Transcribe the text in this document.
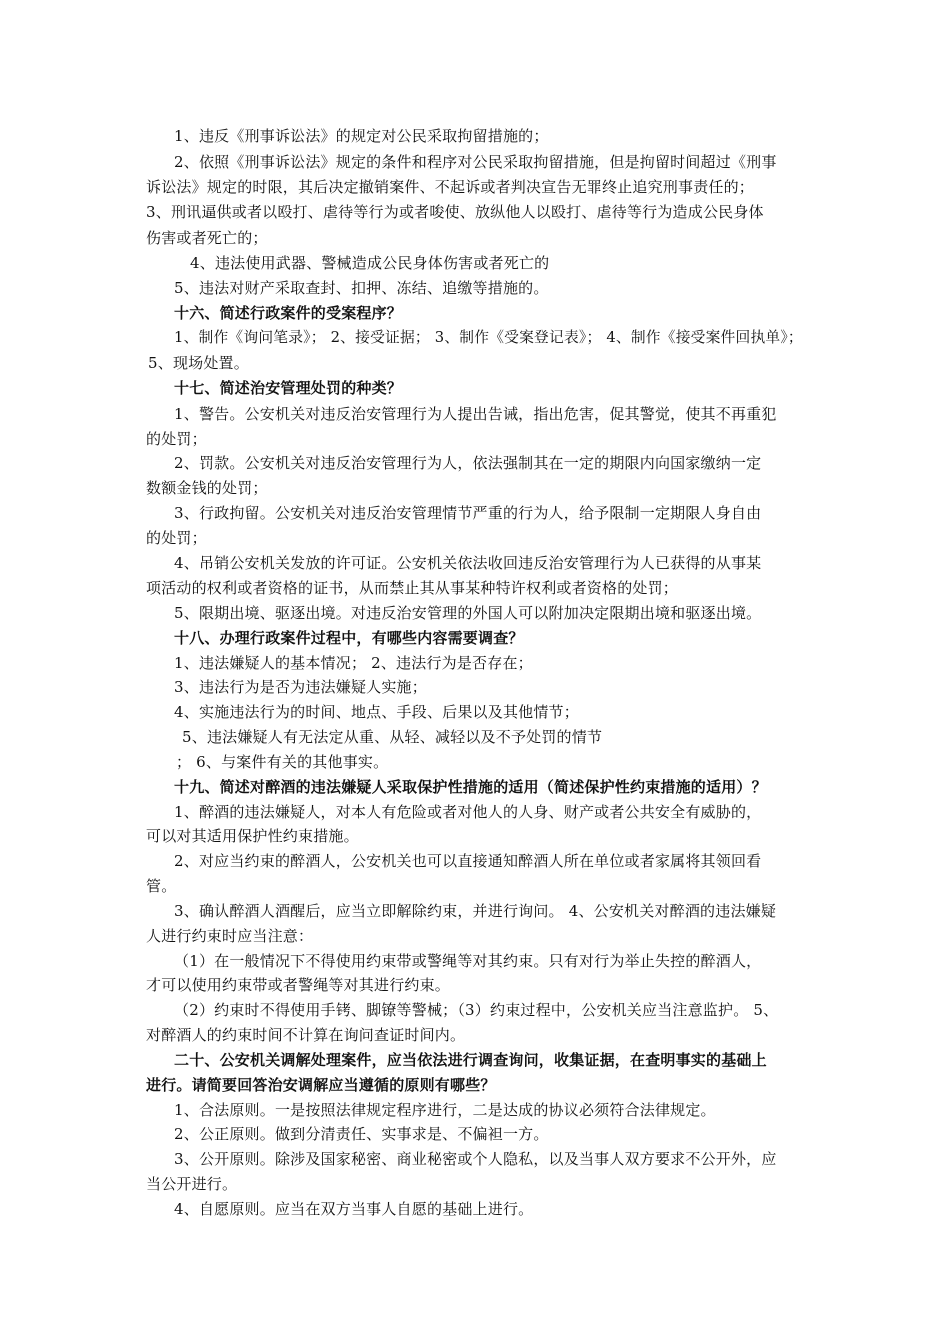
1、违反《刑事诉讼法》的规定对公民采取拘留措施的；
2、依照《刑事诉讼法》规定的条件和程序对公民采取拘留措施，但是拘留时间超过《刑事
诉讼法》规定的时限，其后决定撤销案件、不起诉或者判决宣告无罪终止追究刑事责任的；
3、刑讯逼供或者以殴打、虐待等行为或者唆使、放纵他人以殴打、虐待等行为造成公民身体
伤害或者死亡的；
4、违法使用武器、警械造成公民身体伤害或者死亡的
5、违法对财产采取查封、扣押、冻结、追缴等措施的。
十六、简述行政案件的受案程序？
1、制作《询问笔录》； 2、接受证据； 3、制作《受案登记表》； 4、制作《接受案件回执单》；
5、现场处置。
十七、简述治安管理处罚的种类？
1、警告。公安机关对违反治安管理行为人提出告诫，指出危害，促其警觉，使其不再重犯
的处罚；
2、罚款。公安机关对违反治安管理行为人，依法强制其在一定的期限内向国家缴纳一定
数额金钱的处罚；
3、行政拘留。公安机关对违反治安管理情节严重的行为人，给予限制一定期限人身自由
的处罚；
4、吊销公安机关发放的许可证。公安机关依法收回违反治安管理行为人已获得的从事某
项活动的权利或者资格的证书，从而禁止其从事某种特许权利或者资格的处罚；
5、限期出境、驱逐出境。对违反治安管理的外国人可以附加决定限期出境和驱逐出境。
十八、办理行政案件过程中，有哪些内容需要调查？
1、违法嫌疑人的基本情况； 2、违法行为是否存在；
3、违法行为是否为违法嫌疑人实施；
4、实施违法行为的时间、地点、手段、后果以及其他情节；
5、违法嫌疑人有无法定从重、从轻、减轻以及不予处罚的情节
； 6、与案件有关的其他事实。
十九、简述对醉酒的违法嫌疑人采取保护性措施的适用（简述保护性约束措施的适用）？
1、醉酒的违法嫌疑人，对本人有危险或者对他人的人身、财产或者公共安全有威胁的，
可以对其适用保护性约束措施。
2、对应当约束的醉酒人，公安机关也可以直接通知醉酒人所在单位或者家属将其领回看
管。
3、确认醉酒人酒醒后，应当立即解除约束，并进行询问。 4、公安机关对醉酒的违法嫌疑
人进行约束时应当注意：
（1）在一般情况下不得使用约束带或警绳等对其约束。只有对行为举止失控的醉酒人，
才可以使用约束带或者警绳等对其进行约束。
（2）约束时不得使用手铐、脚镣等警械；（3）约束过程中，公安机关应当注意监护。 5、
对醉酒人的约束时间不计算在询问查证时间内。
二十、公安机关调解处理案件，应当依法进行调查询问，收集证据，在查明事实的基础上
进行。请简要回答治安调解应当遵循的原则有哪些？
1、合法原则。一是按照法律规定程序进行，二是达成的协议必须符合法律规定。
2、公正原则。做到分清责任、实事求是、不偏袒一方。
3、公开原则。除涉及国家秘密、商业秘密或个人隐私，以及当事人双方要求不公开外，应
当公开进行。
4、自愿原则。应当在双方当事人自愿的基础上进行。
